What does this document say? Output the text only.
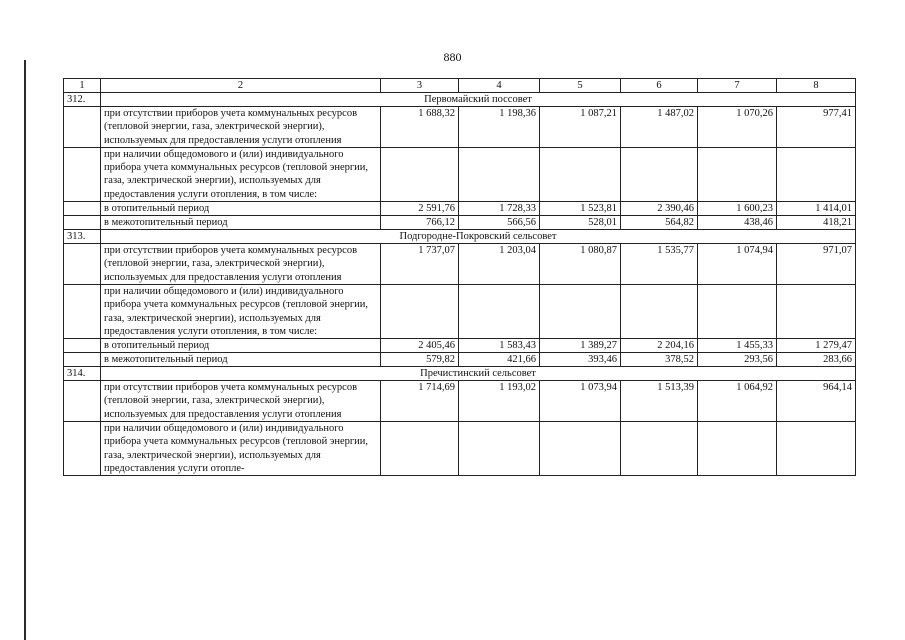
880
1	2	3	4	5	6	7	8
312.	Первомайский поссовет						
	при отсутствии приборов учета коммунальных ресурсов (тепловой энергии, газа, электрической энергии), используемых для предоставления услуги отопления	1 688,32	1 198,36	1 087,21	1 487,02	1 070,26	977,41
	при наличии общедомового и (или) индивидуального прибора учета коммунальных ресурсов (тепловой энергии, газа, электрической энергии), используемых для предоставления услуги отопления, в том числе:						
	в отопительный период	2 591,76	1 728,33	1 523,81	2 390,46	1 600,23	1 414,01
	в межотопительный период	766,12	566,56	528,01	564,82	438,46	418,21
313.	Подгородне-Покровский сельсовет						
	при отсутствии приборов учета коммунальных ресурсов (тепловой энергии, газа, электрической энергии), используемых для предоставления услуги отопления	1 737,07	1 203,04	1 080,87	1 535,77	1 074,94	971,07
	при наличии общедомового и (или) индивидуального прибора учета коммунальных ресурсов (тепловой энергии, газа, электрической энергии), используемых для предоставления услуги отопления, в том числе:						
	в отопительный период	2 405,46	1 583,43	1 389,27	2 204,16	1 455,33	1 279,47
	в межотопительный период	579,82	421,66	393,46	378,52	293,56	283,66
314.	Пречистинский сельсовет						
	при отсутствии приборов учета коммунальных ресурсов (тепловой энергии, газа, электрической энергии), используемых для предоставления услуги отопления	1 714,69	1 193,02	1 073,94	1 513,39	1 064,92	964,14
	при наличии общедомового и (или) индивидуального прибора учета коммунальных ресурсов (тепловой энергии, газа, электрической энергии), используемых для предоставления услуги отопле-						
